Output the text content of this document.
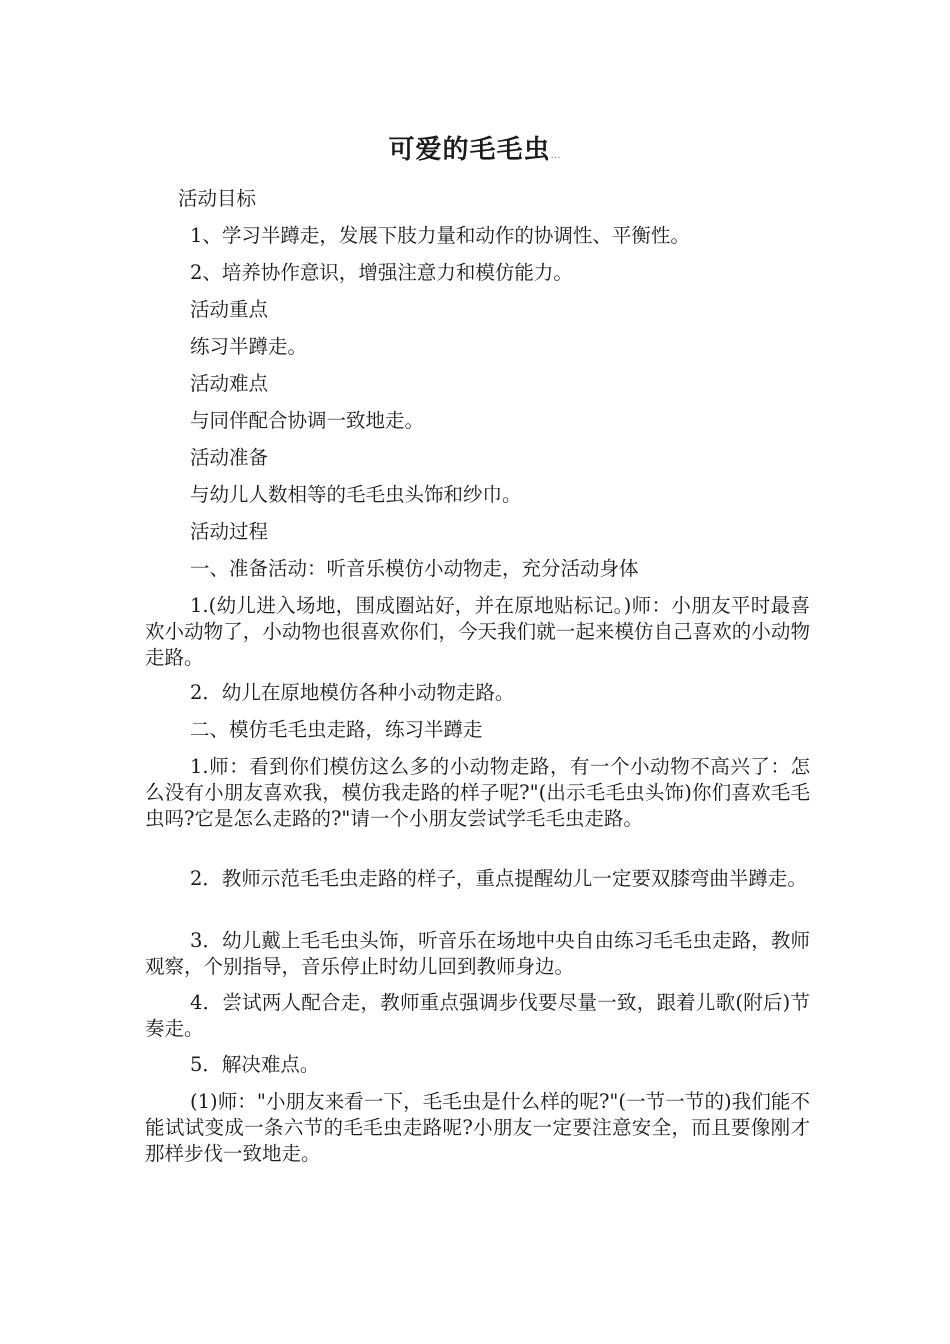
可爱的毛毛虫…
活动目标
1、学习半蹲走，发展下肢力量和动作的协调性、平衡性。
2、培养协作意识，增强注意力和模仿能力。
活动重点
练习半蹲走。
活动难点
与同伴配合协调一致地走。
活动准备
与幼儿人数相等的毛毛虫头饰和纱巾。
活动过程
一、准备活动：听音乐模仿小动物走，充分活动身体
1.(幼儿进入场地，围成圈站好，并在原地贴标记。)师：小朋友平时最喜欢小动物了，小动物也很喜欢你们，今天我们就一起来模仿自己喜欢的小动物走路。
2．幼儿在原地模仿各种小动物走路。
二、模仿毛毛虫走路，练习半蹲走
1.师：看到你们模仿这么多的小动物走路，有一个小动物不高兴了：怎么没有小朋友喜欢我，模仿我走路的样子呢?"(出示毛毛虫头饰)你们喜欢毛毛虫吗?它是怎么走路的?"请一个小朋友尝试学毛毛虫走路。
2．教师示范毛毛虫走路的样子，重点提醒幼儿一定要双膝弯曲半蹲走。
3．幼儿戴上毛毛虫头饰，听音乐在场地中央自由练习毛毛虫走路，教师观察，个别指导，音乐停止时幼儿回到教师身边。
4．尝试两人配合走，教师重点强调步伐要尽量一致，跟着儿歌(附后)节奏走。
5．解决难点。
(1)师："小朋友来看一下，毛毛虫是什么样的呢?"(一节一节的)我们能不能试试变成一条六节的毛毛虫走路呢?小朋友一定要注意安全，而且要像刚才那样步伐一致地走。
